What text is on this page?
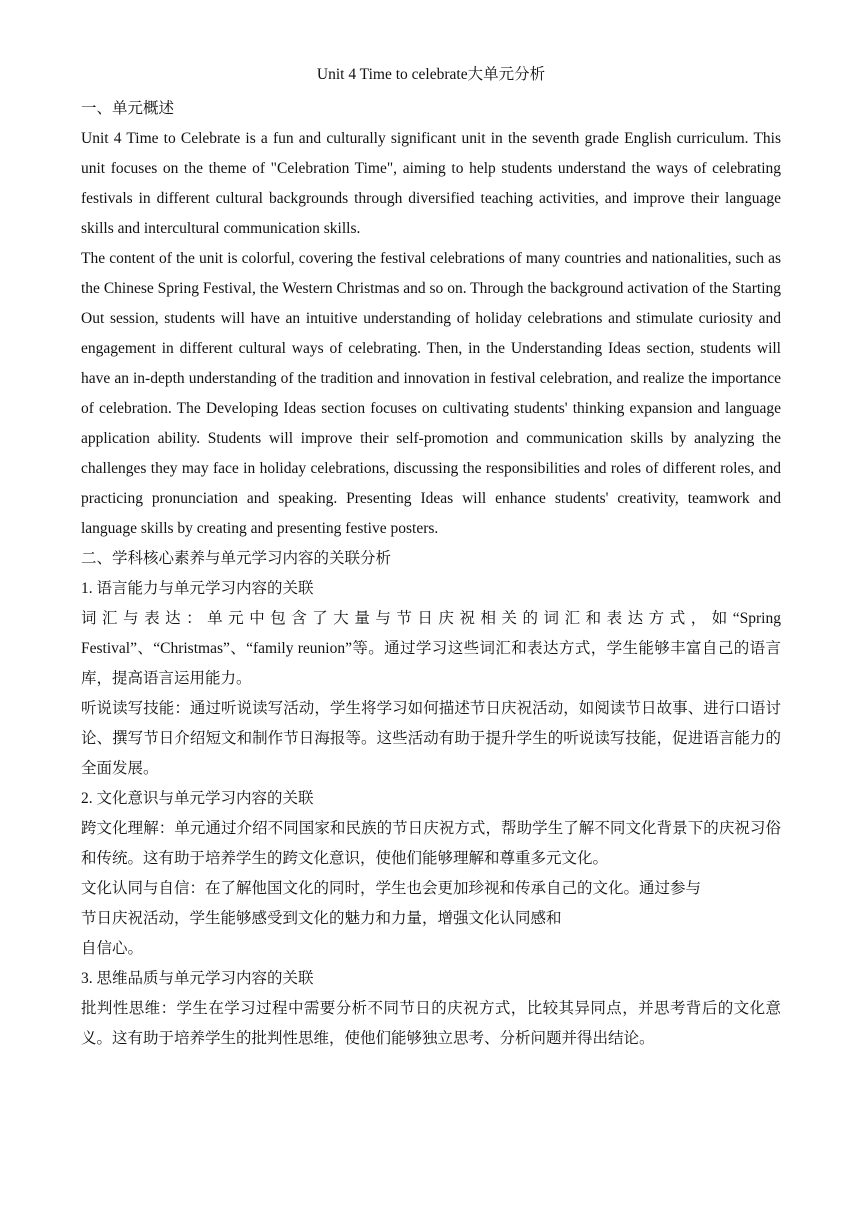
Unit 4 Time to celebrate大单元分析
一、单元概述

Unit 4 Time to Celebrate is a fun and culturally significant unit in the seventh grade English curriculum. This unit focuses on the theme of "Celebration Time", aiming to help students understand the ways of celebrating festivals in different cultural backgrounds through diversified teaching activities, and improve their language skills and intercultural communication skills.

The content of the unit is colorful, covering the festival celebrations of many countries and nationalities, such as the Chinese Spring Festival, the Western Christmas and so on. Through the background activation of the Starting Out session, students will have an intuitive understanding of holiday celebrations and stimulate curiosity and engagement in different cultural ways of celebrating. Then, in the Understanding Ideas section, students will have an in-depth understanding of the tradition and innovation in festival celebration, and realize the importance of celebration. The Developing Ideas section focuses on cultivating students' thinking expansion and language application ability. Students will improve their self-promotion and communication skills by analyzing the challenges they may face in holiday celebrations, discussing the responsibilities and roles of different roles, and practicing pronunciation and speaking. Presenting Ideas will enhance students' creativity, teamwork and language skills by creating and presenting festive posters.

二、学科核心素养与单元学习内容的关联分析
1. 语言能力与单元学习内容的关联

词汇与表达：单元中包含了大量与节日庆祝相关的词汇和表达方式，如“Spring Festival”、“Christmas”、“family reunion”等。通过学习这些词汇和表达方式，学生能够丰富自己的语言库，提高语言运用能力。

听说读写技能：通过听说读写活动，学生将学习如何描述节日庆祝活动，如阅读节日故事、进行口语讨论、撰写节日介绍短文和制作节日海报等。这些活动有助于提升学生的听说读写技能，促进语言能力的全面发展。

2. 文化意识与单元学习内容的关联

跨文化理解：单元通过介绍不同国家和民族的节日庆祝方式，帮助学生了解不同文化背景下的庆祝习俗和传统。这有助于培养学生的跨文化意识，使他们能够理解和尊重多元文化。

文化认同与自信：在了解他国文化的同时，学生也会更加珍视和传承自己的文化。通过参与
节日庆祝活动，学生能够感受到文化的魅力和力量，增强文化认同感和
自信心。
3. 思维品质与单元学习内容的关联

批判性思维：学生在学习过程中需要分析不同节日的庆祝方式，比较其异同点，并思考背后的文化意义。这有助于培养学生的批判性思维，使他们能够独立思考、分析问题并得出结论。
